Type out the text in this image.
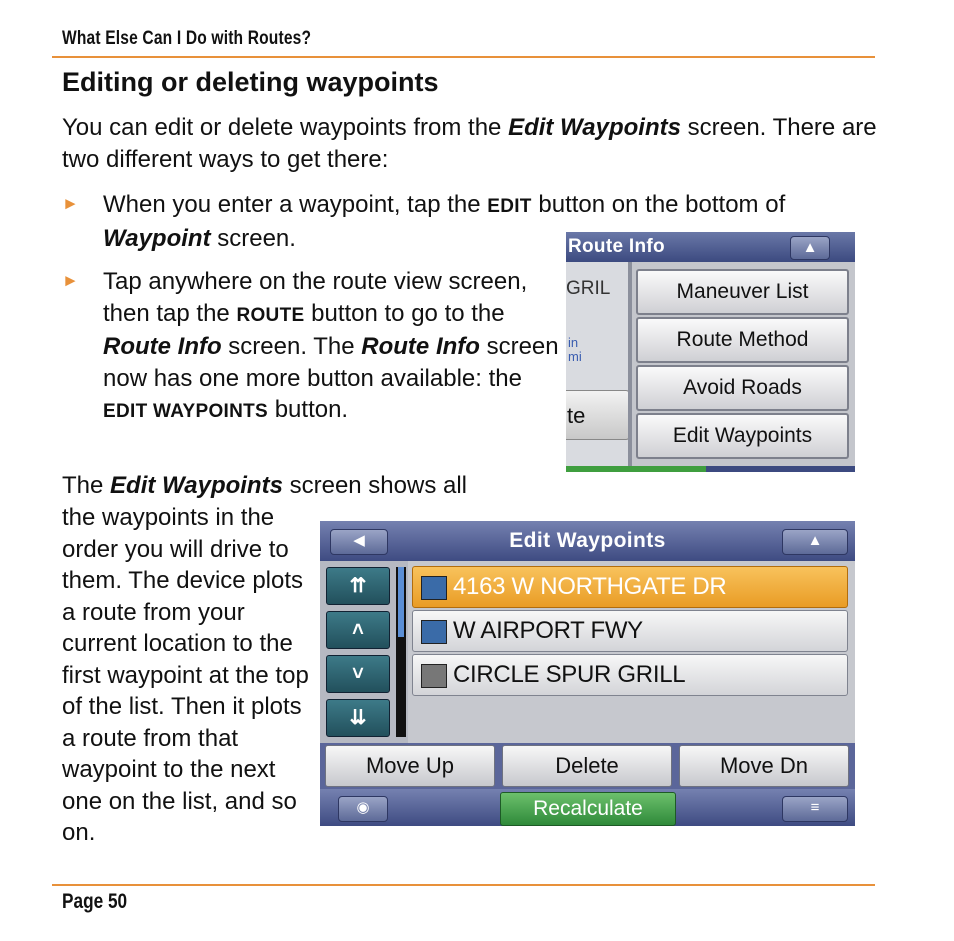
What Else Can I Do with Routes?
Editing or deleting waypoints
You can edit or delete waypoints from the Edit Waypoints screen. There are two different ways to get there:
► When you enter a waypoint, tap the EDIT button on the bottom of Waypoint screen.
► Tap anywhere on the route view screen, then tap the ROUTE button to go to the Route Info screen. The Route Info screen now has one more button available: the EDIT WAYPOINTS button.
The Edit Waypoints screen shows all
the waypoints in the order you will drive to them. The device plots a route from your current location to the first waypoint at the top of the list. Then it plots a route from that waypoint to the next one on the list, and so on.
Route Info	▲
GRIL
in
mi
te
Maneuver List
Route Method
Avoid Roads
Edit Waypoints
◀	Edit Waypoints	▲
⇈
˄
˅
⇊
4163 W NORTHGATE DR
W AIRPORT FWY
CIRCLE SPUR GRILL
Move Up	Delete	Move Dn
◉	Recalculate	≡
Page 50
